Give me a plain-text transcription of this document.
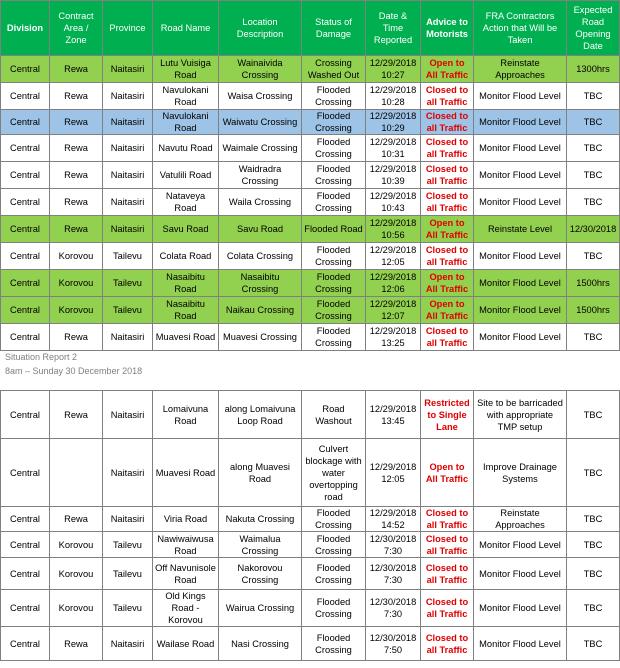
Division	Contract Area / Zone	Province	Road Name	Location Description	Status of Damage	Date & Time Reported	Advice to Motorists	FRA Contractors Action that Will be Taken	Expected Road Opening Date
Central	Rewa	Naitasiri	Lutu Vuisiga Road	Wainaivida Crossing	Crossing Washed Out	12/29/2018 10:27	Open to All Traffic	Reinstate Approaches	1300hrs
Central	Rewa	Naitasiri	Navulokani Road	Waisa Crossing	Flooded Crossing	12/29/2018 10:28	Closed to all Traffic	Monitor Flood Level	TBC
Central	Rewa	Naitasiri	Navulokani Road	Waiwatu Crossing	Flooded Crossing	12/29/2018 10:29	Closed to all Traffic	Monitor Flood Level	TBC
Central	Rewa	Naitasiri	Navutu Road	Waimale Crossing	Flooded Crossing	12/29/2018 10:31	Closed to all Traffic	Monitor Flood Level	TBC
Central	Rewa	Naitasiri	Vatulili Road	Waidradra Crossing	Flooded Crossing	12/29/2018 10:39	Closed to all Traffic	Monitor Flood Level	TBC
Central	Rewa	Naitasiri	Nataveya Road	Waila Crossing	Flooded Crossing	12/29/2018 10:43	Closed to all Traffic	Monitor Flood Level	TBC
Central	Rewa	Naitasiri	Savu Road	Savu Road	Flooded Road	12/29/2018 10:56	Open to All Traffic	Reinstate Level	12/30/2018
Central	Korovou	Tailevu	Colata Road	Colata Crossing	Flooded Crossing	12/29/2018 12:05	Closed to all Traffic	Monitor Flood Level	TBC
Central	Korovou	Tailevu	Nasaibitu Road	Nasaibitu Crossing	Flooded Crossing	12/29/2018 12:06	Open to All Traffic	Monitor Flood Level	1500hrs
Central	Korovou	Tailevu	Nasaibitu Road	Naikau Crossing	Flooded Crossing	12/29/2018 12:07	Open to All Traffic	Monitor Flood Level	1500hrs
Central	Rewa	Naitasiri	Muavesi Road	Muavesi Crossing	Flooded Crossing	12/29/2018 13:25	Closed to all Traffic	Monitor Flood Level	TBC
Situation Report 2
8am – Sunday 30 December 2018
Central	Rewa	Naitasiri	Lomaivuna Road	along Lomaivuna Loop Road	Road Washout	12/29/2018 13:45	Restricted to Single Lane	Site to be barricaded with appropriate TMP setup	TBC
Central		Naitasiri	Muavesi Road	along Muavesi Road	Culvert blockage with water overtopping road	12/29/2018 12:05	Open to All Traffic	Improve Drainage Systems	TBC
Central	Rewa	Naitasiri	Viria Road	Nakuta Crossing	Flooded Crossing	12/29/2018 14:52	Closed to all Traffic	Reinstate Approaches	TBC
Central	Korovou	Tailevu	Nawiwaiwusa Road	Waimalua Crossing	Flooded Crossing	12/30/2018 7:30	Closed to all Traffic	Monitor Flood Level	TBC
Central	Korovou	Tailevu	Off Navunisole Road	Nakorovou Crossing	Flooded Crossing	12/30/2018 7:30	Closed to all Traffic	Monitor Flood Level	TBC
Central	Korovou	Tailevu	Old Kings Road - Korovou	Wairua Crossing	Flooded Crossing	12/30/2018 7:30	Closed to all Traffic	Monitor Flood Level	TBC
Central	Rewa	Naitasiri	Wailase Road	Nasi Crossing	Flooded Crossing	12/30/2018 7:50	Closed to all Traffic	Monitor Flood Level	TBC
